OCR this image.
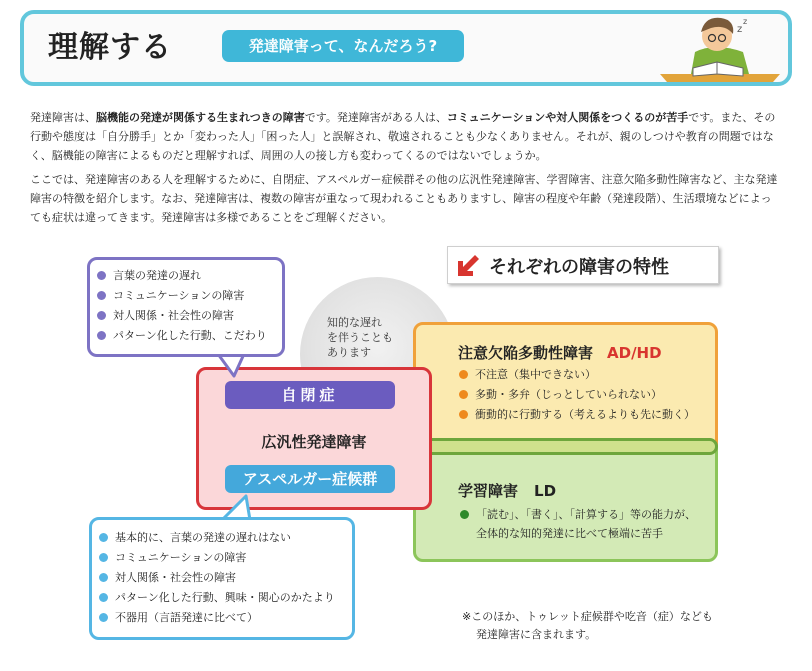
理解する	発達障害って、なんだろう?
z
z
発達障害は、脳機能の発達が関係する生まれつきの障害です。発達障害がある人は、コミュニケーションや対人関係をつくるのが苦手です。また、その行動や態度は「自分勝手」とか「変わった人」「困った人」と誤解され、敬遠されることも少なくありません。それが、親のしつけや教育の問題ではなく、脳機能の障害によるものだと理解すれば、周囲の人の接し方も変わってくるのではないでしょうか。
ここでは、発達障害のある人を理解するために、自閉症、アスペルガー症候群その他の広汎性発達障害、学習障害、注意欠陥多動性障害など、主な発達障害の特徴を紹介します。なお、発達障害は、複数の障害が重なって現われることもありますし、障害の程度や年齢（発達段階）、生活環境などによっても症状は違ってきます。発達障害は多様であることをご理解ください。
知的な遅れ
を伴うことも
あります
自閉症
広汎性発達障害
アスペルガー症候群
注意欠陥多動性障害 AD/HD
不注意（集中できない）
多動・多弁（じっとしていられない）
衝動的に行動する（考えるよりも先に動く）
学習障害 LD
「読む」、「書く」、「計算する」等の能力が、
全体的な知的発達に比べて極端に苦手
言葉の発達の遅れ
コミュニケーションの障害
対人関係・社会性の障害
パターン化した行動、こだわり
基本的に、言葉の発達の遅れはない
コミュニケーションの障害
対人関係・社会性の障害
パターン化した行動、興味・関心のかたより
不器用（言語発達に比べて）
それぞれの障害の特性
※このほか、トゥレット症候群や吃音（症）なども
発達障害に含まれます。
